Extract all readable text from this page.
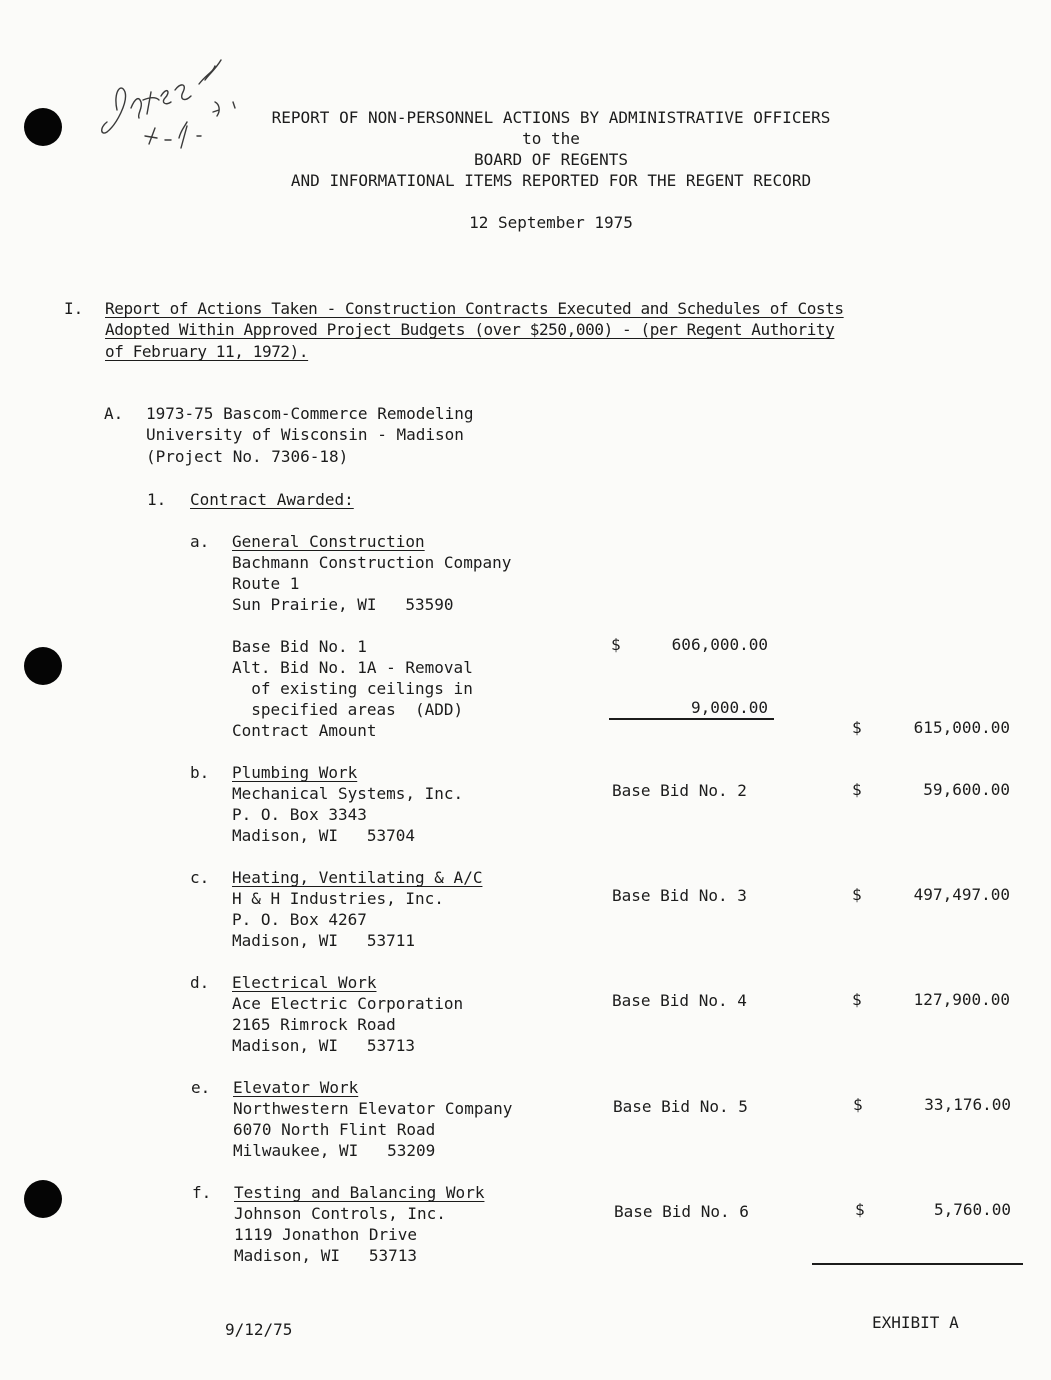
REPORT OF NON-PERSONNEL ACTIONS BY ADMINISTRATIVE OFFICERS
to the
BOARD OF REGENTS
AND INFORMATIONAL ITEMS REPORTED FOR THE REGENT RECORD
12 September 1975
I. Report of Actions Taken - Construction Contracts Executed and Schedules of Costs
Adopted Within Approved Project Budgets (over $250,000) - (per Regent Authority
of February 11, 1972).
A. 1973-75 Bascom-Commerce Remodeling
University of Wisconsin - Madison
(Project No. 7306-18)
1. Contract Awarded:
a. General Construction
Bachmann Construction Company
Route 1
Sun Prairie, WI   53590
Base Bid No. 1	$	606,000.00
Alt. Bid No. 1A - Removal
of existing ceilings in
specified areas  (ADD)	9,000.00
Contract Amount	$	615,000.00
b. Plumbing Work
Mechanical Systems, Inc.
P. O. Box 3343
Madison, WI   53704
Base Bid No. 2	$	59,600.00
c. Heating, Ventilating & A/C
H & H Industries, Inc.
P. O. Box 4267
Madison, WI   53711
Base Bid No. 3	$	497,497.00
d. Electrical Work
Ace Electric Corporation
2165 Rimrock Road
Madison, WI   53713
Base Bid No. 4	$	127,900.00
e. Elevator Work
Northwestern Elevator Company
6070 North Flint Road
Milwaukee, WI   53209
Base Bid No. 5	$	33,176.00
f. Testing and Balancing Work
Johnson Controls, Inc.
1119 Jonathon Drive
Madison, WI   53713
Base Bid No. 6	$	5,760.00
9/12/75	EXHIBIT A
